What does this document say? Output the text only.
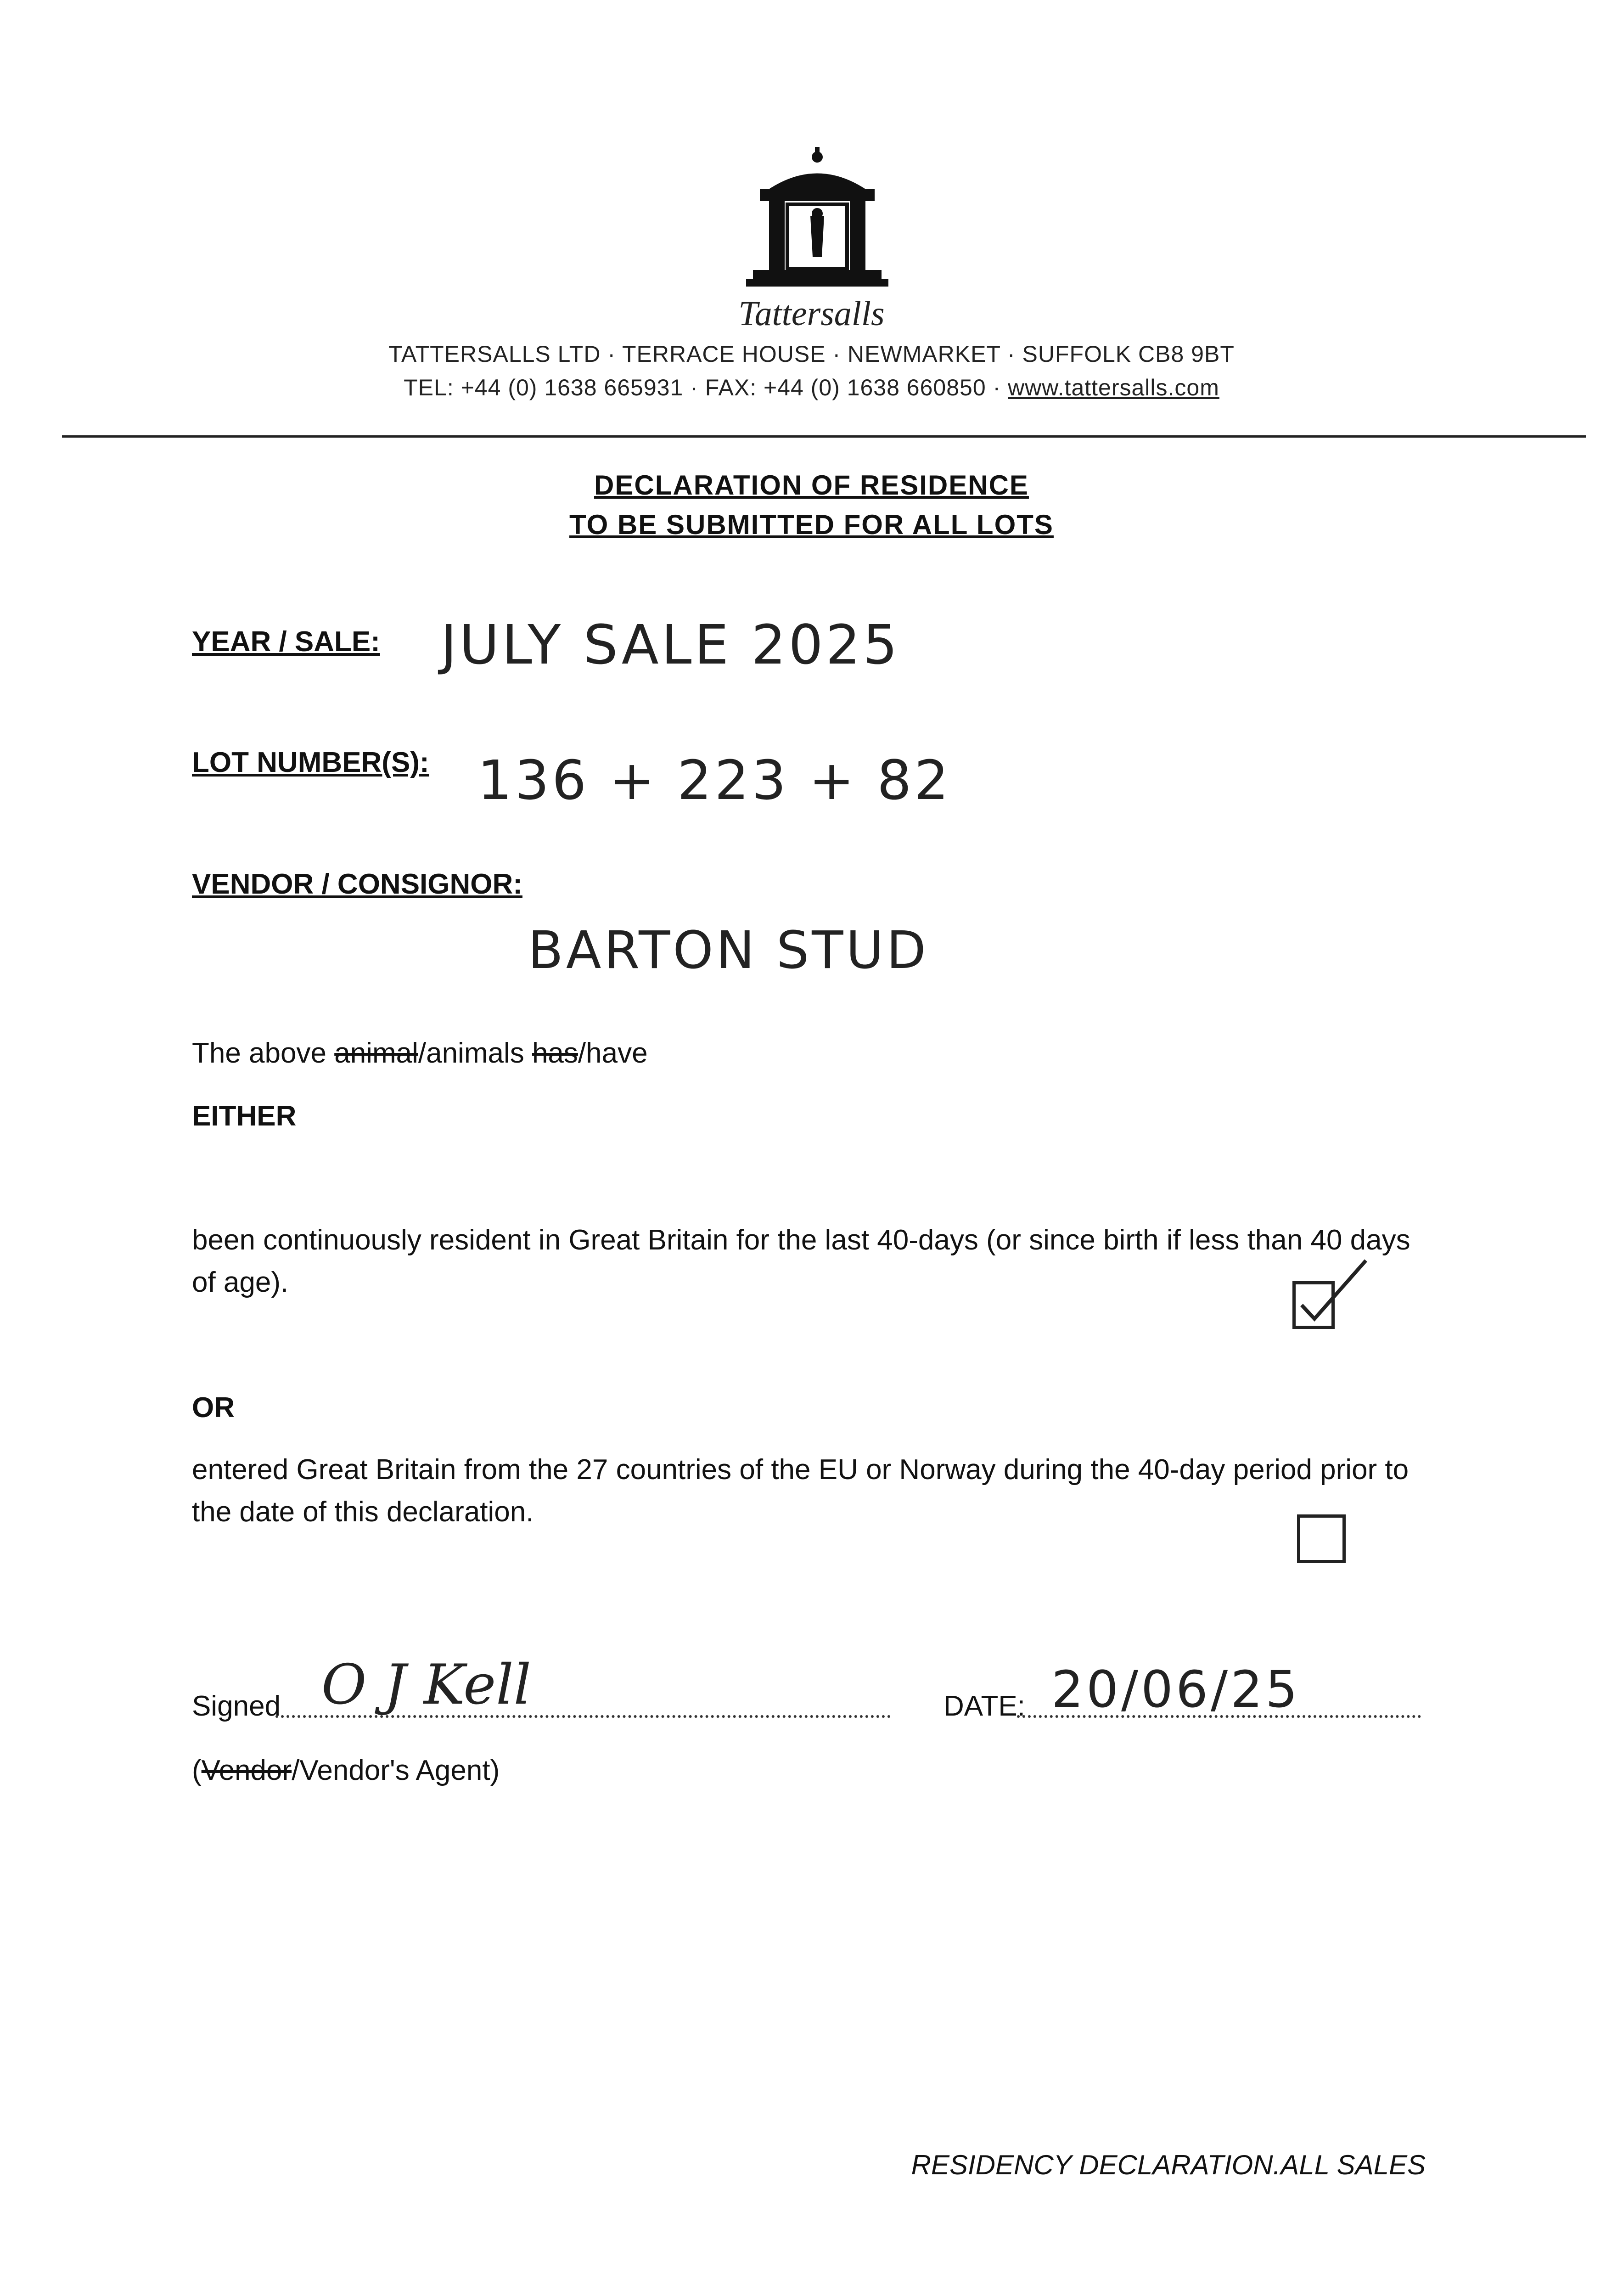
Tattersalls
TATTERSALLS LTD · TERRACE HOUSE · NEWMARKET · SUFFOLK CB8 9BT
TEL: +44 (0) 1638 665931 · FAX: +44 (0) 1638 660850 · www.tattersalls.com
DECLARATION OF RESIDENCE
TO BE SUBMITTED FOR ALL LOTS
YEAR / SALE: JULY SALE 2025
LOT NUMBER(S): 136 + 223 + 82
VENDOR / CONSIGNOR:
BARTON STUD
The above animal/animals has/have
EITHER
been continuously resident in Great Britain for the last 40-days (or since birth if less than 40 days of age).
OR
entered Great Britain from the 27 countries of the EU or Norway during the 40-day period prior to the date of this declaration.
Signed O J Kell	DATE: 20/06/25
(Vendor/Vendor's Agent)
RESIDENCY DECLARATION.ALL SALES
